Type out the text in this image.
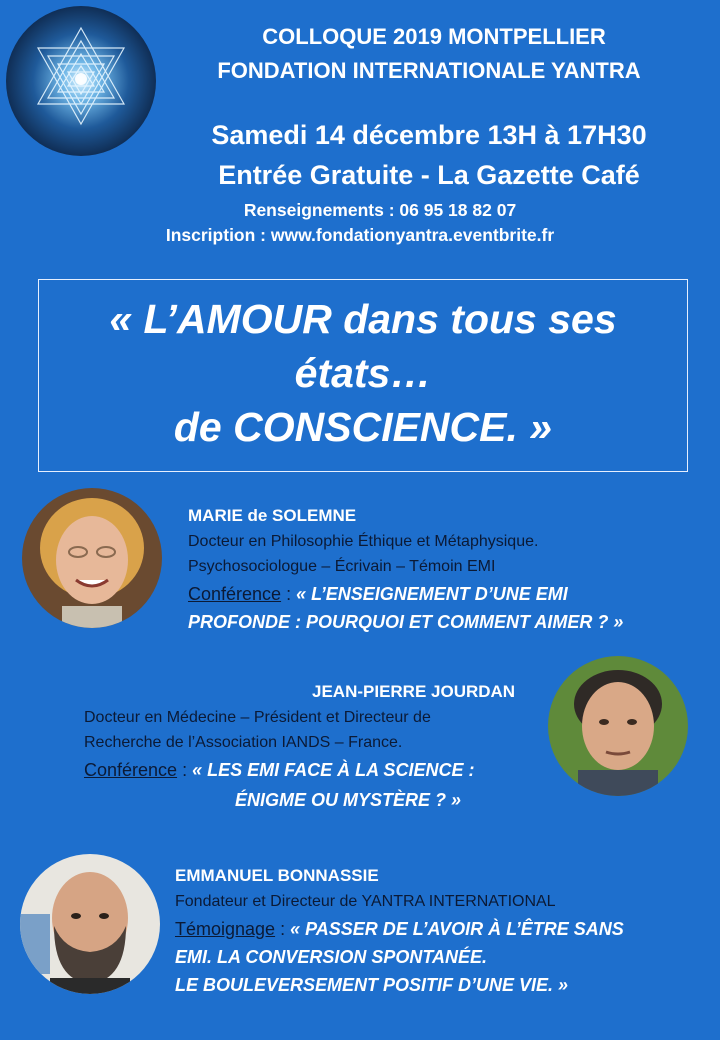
COLLOQUE 2019 MONTPELLIER
FONDATION INTERNATIONALE YANTRA
Samedi 14 décembre 13H à 17H30
Entrée Gratuite - La Gazette Café
Renseignements : 06 95 18 82 07
Inscription : www.fondationyantra.eventbrite.fr
« L’AMOUR dans tous ses
états…
de CONSCIENCE. »
MARIE de SOLEMNE
Docteur en Philosophie Éthique et Métaphysique.
Psychosociologue – Écrivain – Témoin EMI
Conférence : « L’ENSEIGNEMENT D’UNE EMI
PROFONDE : POURQUOI ET COMMENT AIMER ? »
JEAN-PIERRE JOURDAN
Docteur en Médecine – Président et Directeur de
Recherche de l’Association IANDS – France.
Conférence : « LES EMI FACE À LA SCIENCE :
ÉNIGME OU MYSTÈRE ? »
EMMANUEL BONNASSIE
Fondateur et Directeur de YANTRA INTERNATIONAL
Témoignage : « PASSER DE L’AVOIR À L’ÊTRE SANS
EMI. LA CONVERSION SPONTANÉE.
LE BOULEVERSEMENT POSITIF D’UNE VIE. »
